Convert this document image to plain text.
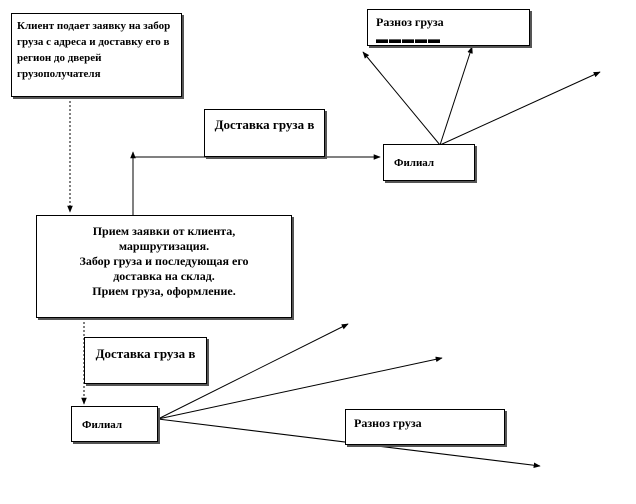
Клиент подает заявку на забор груза с адреса и доставку его в регион до дверей грузополучателя
Разноз груза
▬▬▬▬▬
Доставка груза в
Филиал
Прием заявки от клиента,
маршрутизация.
Забор груза и последующая его
доставка на склад.
Прием груза, оформление.
Доставка груза в
Филиал	Разноз груза
